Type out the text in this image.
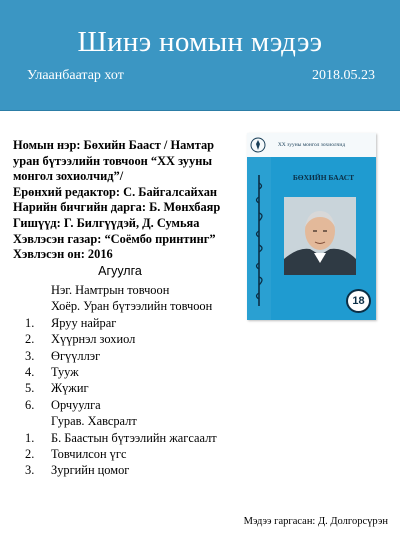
Шинэ номын мэдээ
Улаанбаатар хот	2018.05.23
Номын нэр: Бөхийн Бааст / Намтар уран бүтээлийн товчоон “XX зууны монгол зохиолчид”/
Ерөнхий редактор: С. Байгалсайхан
Нарийн бичгийн дарга: Б. Мөнхбаяр
Гишүүд: Г. Билгүүдэй, Д. Сумьяа
Хэвлэсэн газар: “Соёмбо принтинг”
Хэвлэсэн он: 2016
XX зууны монгол зохиолчид
БӨХИЙН БААСТ
18
Агуулга
Нэг. Намтрын товчоон
Хоёр. Уран бүтээлийн товчоон
1. Яруу найраг
2. Хүүрнэл зохиол
3. Өгүүллэг
4. Тууж
5. Жүжиг
6. Орчуулга
Гурав. Хавсралт
1. Б. Баастын бүтээлийн жагсаалт
2. Товчилсон үгс
3. Зургийн цомог
Мэдээ гаргасан: Д. Долгорсүрэн
